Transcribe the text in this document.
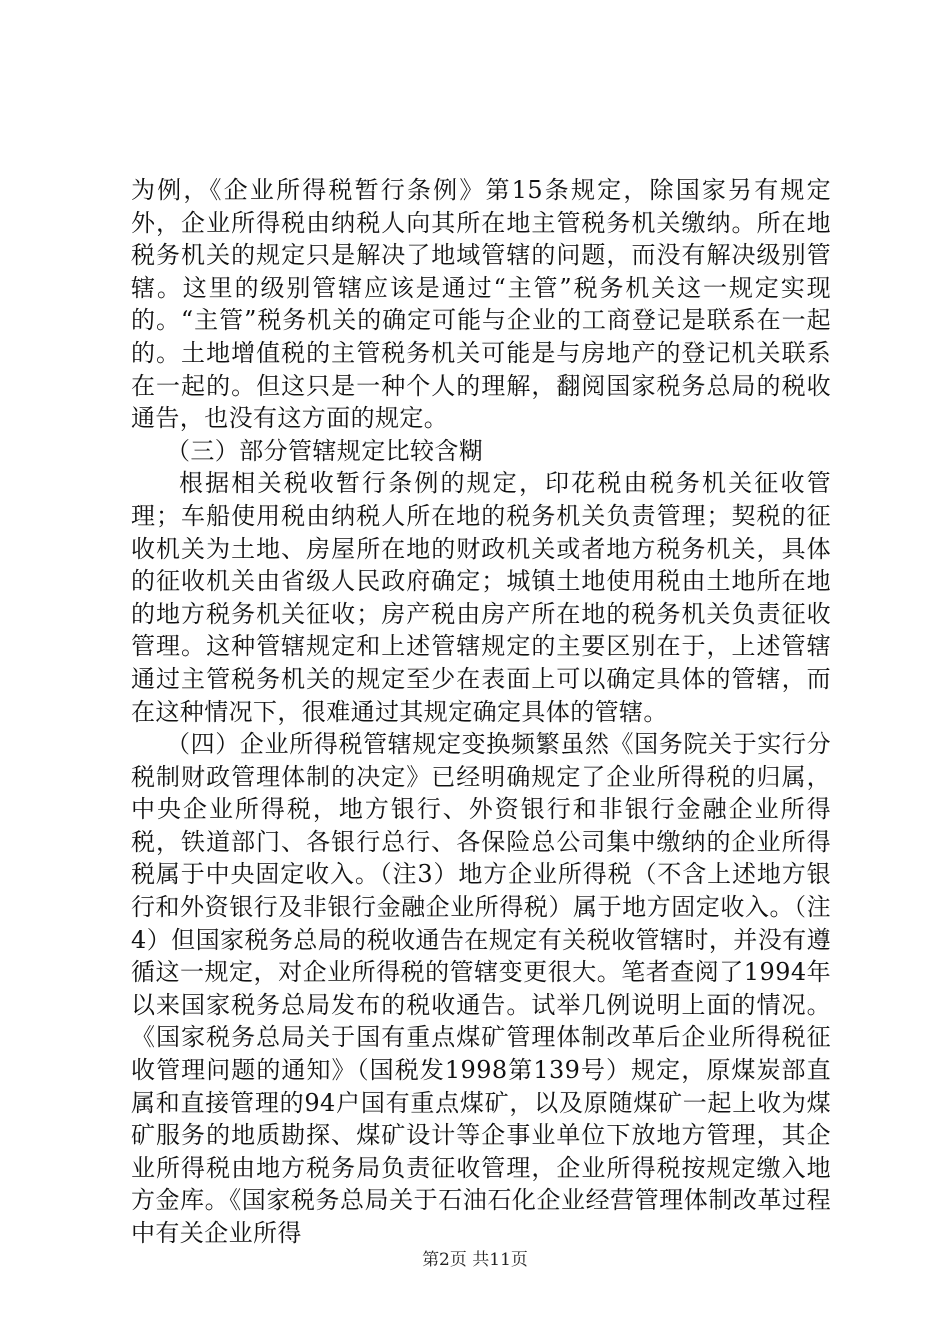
为例，《企业所得税暂行条例》第15条规定，除国家另有规定外，企业所得税由纳税人向其所在地主管税务机关缴纳。所在地税务机关的规定只是解决了地域管辖的问题，而没有解决级别管辖。这里的级别管辖应该是通过“主管”税务机关这一规定实现的。“主管”税务机关的确定可能与企业的工商登记是联系在一起的。土地增值税的主管税务机关可能是与房地产的登记机关联系在一起的。但这只是一种个人的理解，翻阅国家税务总局的税收通告，也没有这方面的规定。

（三）部分管辖规定比较含糊

根据相关税收暂行条例的规定，印花税由税务机关征收管理；车船使用税由纳税人所在地的税务机关负责管理；契税的征收机关为土地、房屋所在地的财政机关或者地方税务机关，具体的征收机关由省级人民政府确定；城镇土地使用税由土地所在地的地方税务机关征收；房产税由房产所在地的税务机关负责征收管理。这种管辖规定和上述管辖规定的主要区别在于，上述管辖通过主管税务机关的规定至少在表面上可以确定具体的管辖，而在这种情况下，很难通过其规定确定具体的管辖。

（四）企业所得税管辖规定变换频繁虽然《国务院关于实行分税制财政管理体制的决定》已经明确规定了企业所得税的归属，中央企业所得税，地方银行、外资银行和非银行金融企业所得税，铁道部门、各银行总行、各保险总公司集中缴纳的企业所得税属于中央固定收入。（注3）地方企业所得税（不含上述地方银行和外资银行及非银行金融企业所得税）属于地方固定收入。（注4）但国家税务总局的税收通告在规定有关税收管辖时，并没有遵循这一规定，对企业所得税的管辖变更很大。笔者查阅了1994年以来国家税务总局发布的税收通告。试举几例说明上面的情况。《国家税务总局关于国有重点煤矿管理体制改革后企业所得税征收管理问题的通知》（国税发1998第139号）规定，原煤炭部直属和直接管理的94户国有重点煤矿，以及原随煤矿一起上收为煤矿服务的地质勘探、煤矿设计等企事业单位下放地方管理，其企业所得税由地方税务局负责征收管理，企业所得税按规定缴入地方金库。《国家税务总局关于石油石化企业经营管理体制改革过程中有关企业所得

第2页 共11页
